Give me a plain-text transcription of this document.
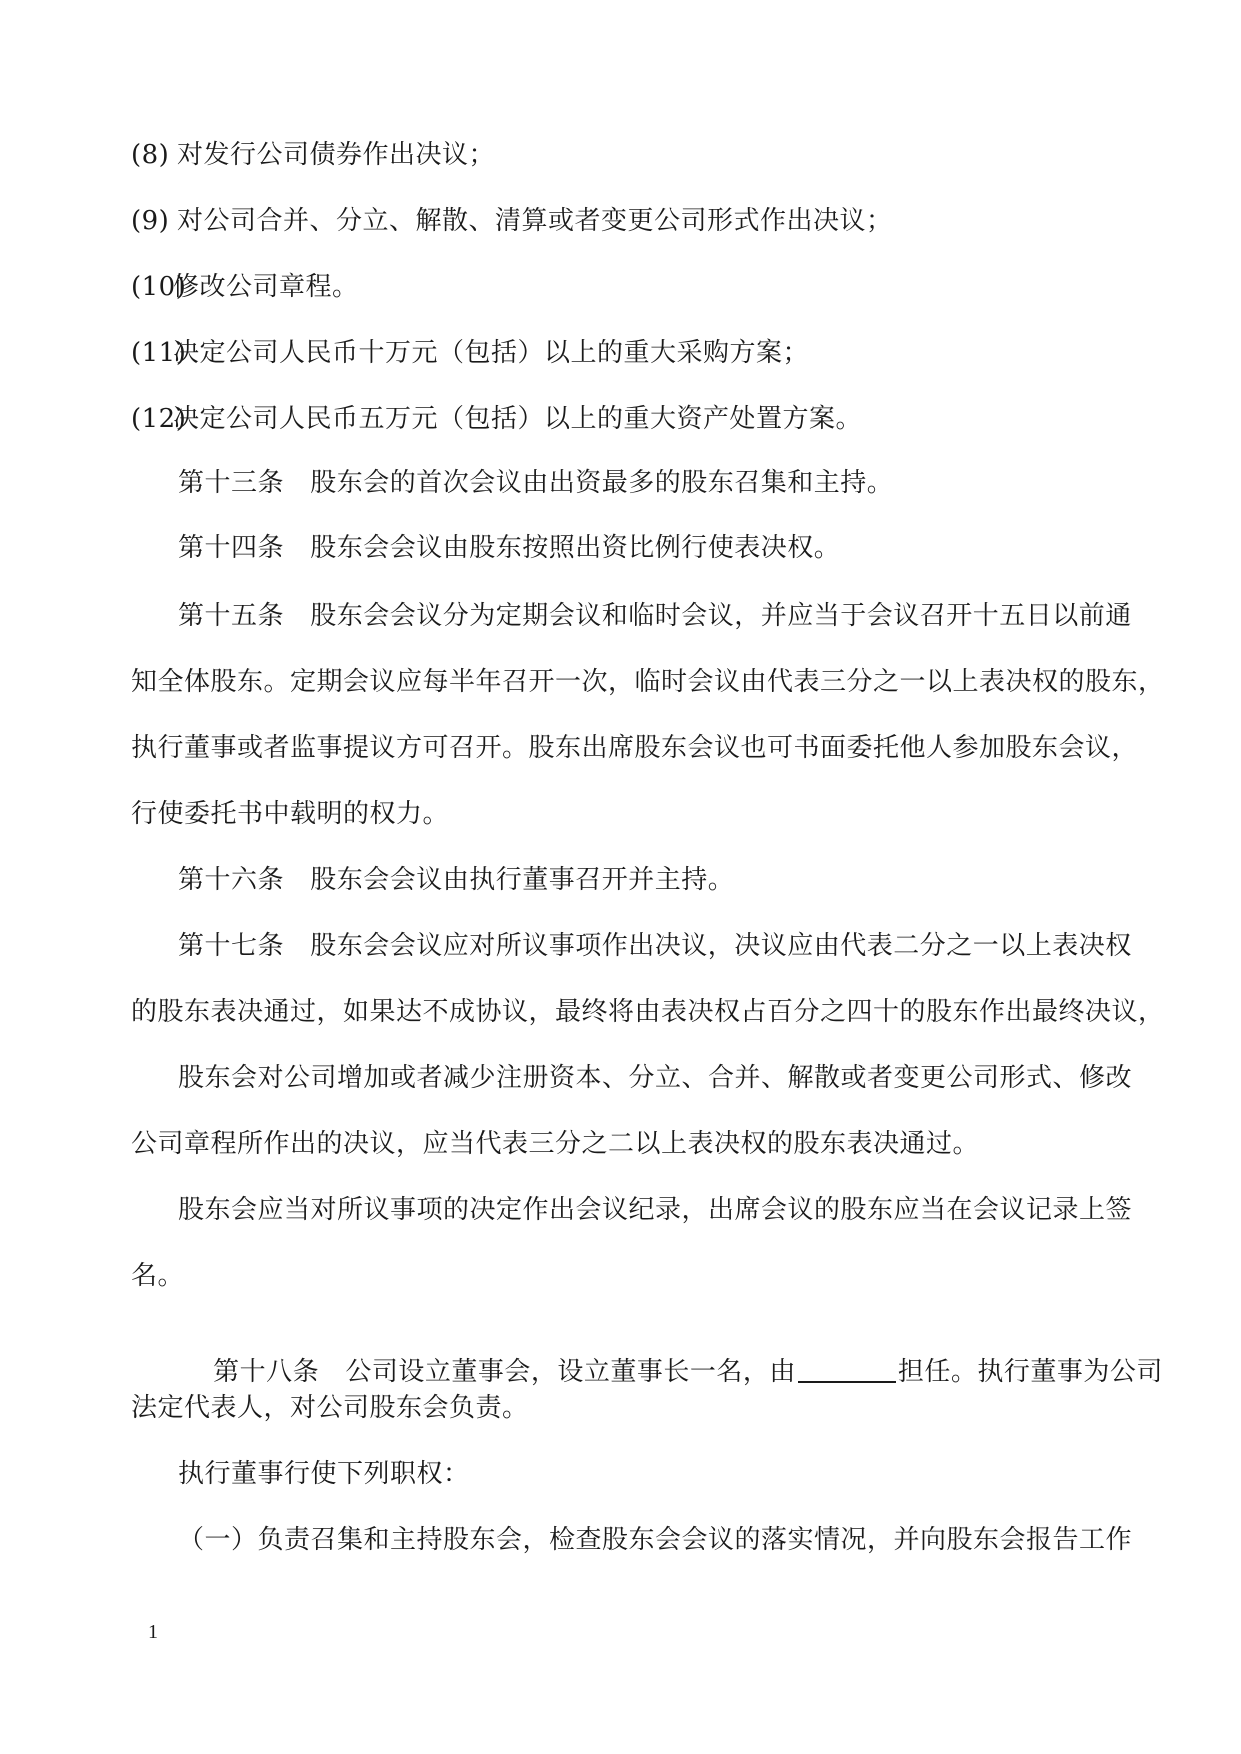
(8) 对发行公司债券作出决议；
(9) 对公司合并、分立、解散、清算或者变更公司形式作出决议；
(10)修改公司章程。
(11)决定公司人民币十万元（包括）以上的重大采购方案；
(12)决定公司人民币五万元（包括）以上的重大资产处置方案。
第十三条   股东会的首次会议由出资最多的股东召集和主持。
第十四条   股东会会议由股东按照出资比例行使表决权。
第十五条   股东会会议分为定期会议和临时会议，并应当于会议召开十五日以前通
知全体股东。定期会议应每半年召开一次，临时会议由代表三分之一以上表决权的股东，
执行董事或者监事提议方可召开。股东出席股东会议也可书面委托他人参加股东会议，
行使委托书中载明的权力。
第十六条   股东会会议由执行董事召开并主持。
第十七条   股东会会议应对所议事项作出决议，决议应由代表二分之一以上表决权
的股东表决通过，如果达不成协议，最终将由表决权占百分之四十的股东作出最终决议，
股东会对公司增加或者减少注册资本、分立、合并、解散或者变更公司形式、修改
公司章程所作出的决议，应当代表三分之二以上表决权的股东表决通过。
股东会应当对所议事项的决定作出会议纪录，出席会议的股东应当在会议记录上签
名。

第十八条   公司设立董事会，设立董事长一名，由	担任。执行董事为公司

法定代表人，对公司股东会负责。
执行董事行使下列职权：
（一）负责召集和主持股东会，检查股东会会议的落实情况，并向股东会报告工作
1
